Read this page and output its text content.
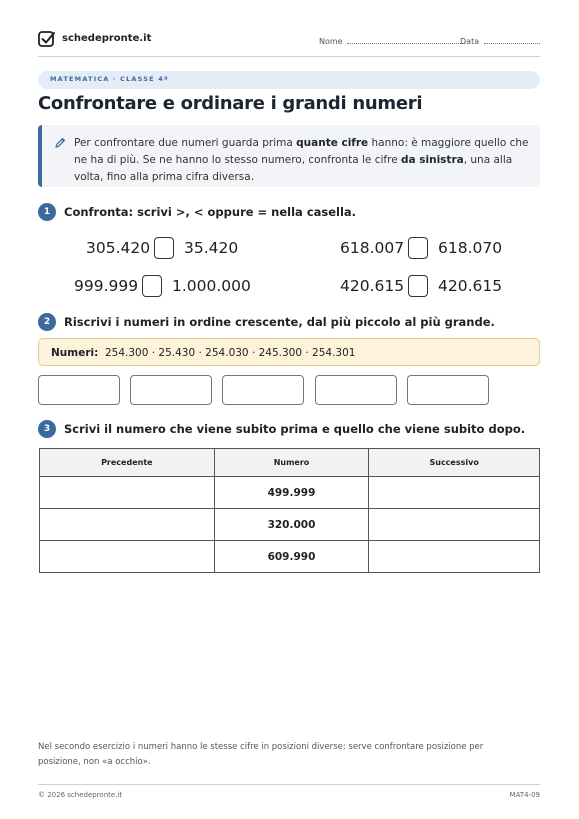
schedepronte.it	Nome	Data
MATEMATICA · CLASSE 4ª
Confrontare e ordinare i grandi numeri
Per confrontare due numeri guarda prima quante cifre hanno: è maggiore quello che ne ha di più. Se ne hanno lo stesso numero, confronta le cifre da sinistra, una alla volta, fino alla prima cifra diversa.
1	Confronta: scrivi >, < oppure = nella casella.
305.420 35.420	618.007 618.070
999.999 1.000.000	420.615 420.615
2	Riscrivi i numeri in ordine crescente, dal più piccolo al più grande.
Numeri: 254.300 · 25.430 · 254.030 · 245.300 · 254.301
3	Scrivi il numero che viene subito prima e quello che viene subito dopo.
Precedente	Numero	Successivo
	499.999	
	320.000	
	609.990	
Nel secondo esercizio i numeri hanno le stesse cifre in posizioni diverse: serve confrontare posizione per posizione, non «a occhio».
© 2026 schedepronte.it	MAT4-09
